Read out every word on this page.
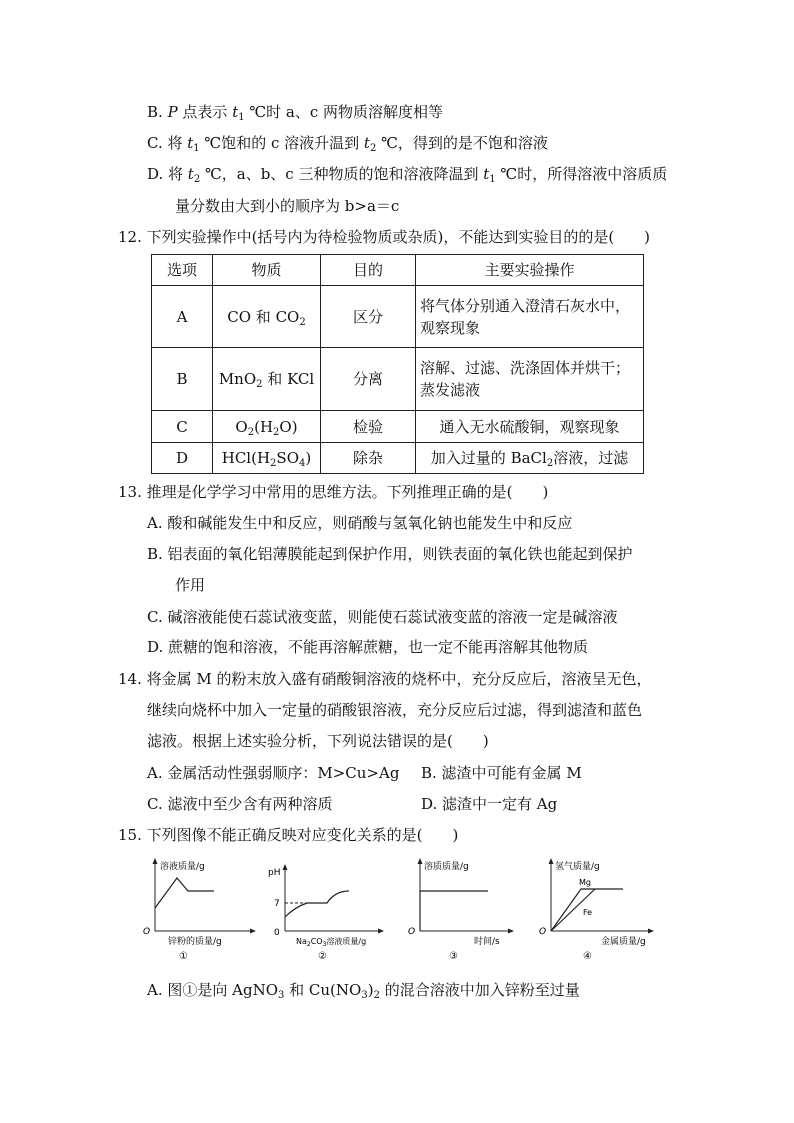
B. P 点表示 $t_1$ ℃时 a、c 两物质溶解度相等
C. 将 $t_1$ ℃饱和的 c 溶液升温到 $t_2$ ℃，得到的是不饱和溶液
D. 将 $t_2$ ℃，a、b、c 三种物质的饱和溶液降温到 $t_1$ ℃时，所得溶液中溶质质
量分数由大到小的顺序为 b>a＝c
12. 下列实验操作中(括号内为待检验物质或杂质)，不能达到实验目的的是(　　)
选项	物质	目的	主要实验操作
A	CO 和 $CO_2$	区分	将气体分别通入澄清石灰水中，
观察现象

B	MnO$_2$ 和 KCl	分离	溶解、过滤、洗涤固体并烘干；
蒸发滤液

C	$O_2(H_2O)$	检验	通入无水硫酸铜，观察现象
D	$HCl(H_2SO_4)$	除杂	加入过量的 BaCl$_2$溶液，过滤
13. 推理是化学学习中常用的思维方法。下列推理正确的是(　　)
A. 酸和碱能发生中和反应，则硝酸与氢氧化钠也能发生中和反应
B. 铝表面的氧化铝薄膜能起到保护作用，则铁表面的氧化铁也能起到保护
作用
C. 碱溶液能使石蕊试液变蓝，则能使石蕊试液变蓝的溶液一定是碱溶液
D. 蔗糖的饱和溶液，不能再溶解蔗糖，也一定不能再溶解其他物质
14. 将金属 M 的粉末放入盛有硝酸铜溶液的烧杯中，充分反应后，溶液呈无色，
继续向烧杯中加入一定量的硝酸银溶液，充分反应后过滤，得到滤渣和蓝色
滤液。根据上述实验分析，下列说法错误的是(　　)
A. 金属活动性强弱顺序：M>Cu>Ag B. 滤渣中可能有金属 M
C. 滤液中至少含有两种溶质	D. 滤渣中一定有 Ag
15. 下列图像不能正确反映对应变化关系的是(　　)
溶液质量/g
O
锌粉的质量/g
①
pH
7
0
$Na_2CO_3$溶液质量/g
②
溶质质量/g
O
时间/s
③
氢气质量/g
Mg
Fe
O
金属质量/g
④
A. 图①是向 AgNO$_3$ 和 $Cu(NO_3)_2$ 的混合溶液中加入锌粉至过量
